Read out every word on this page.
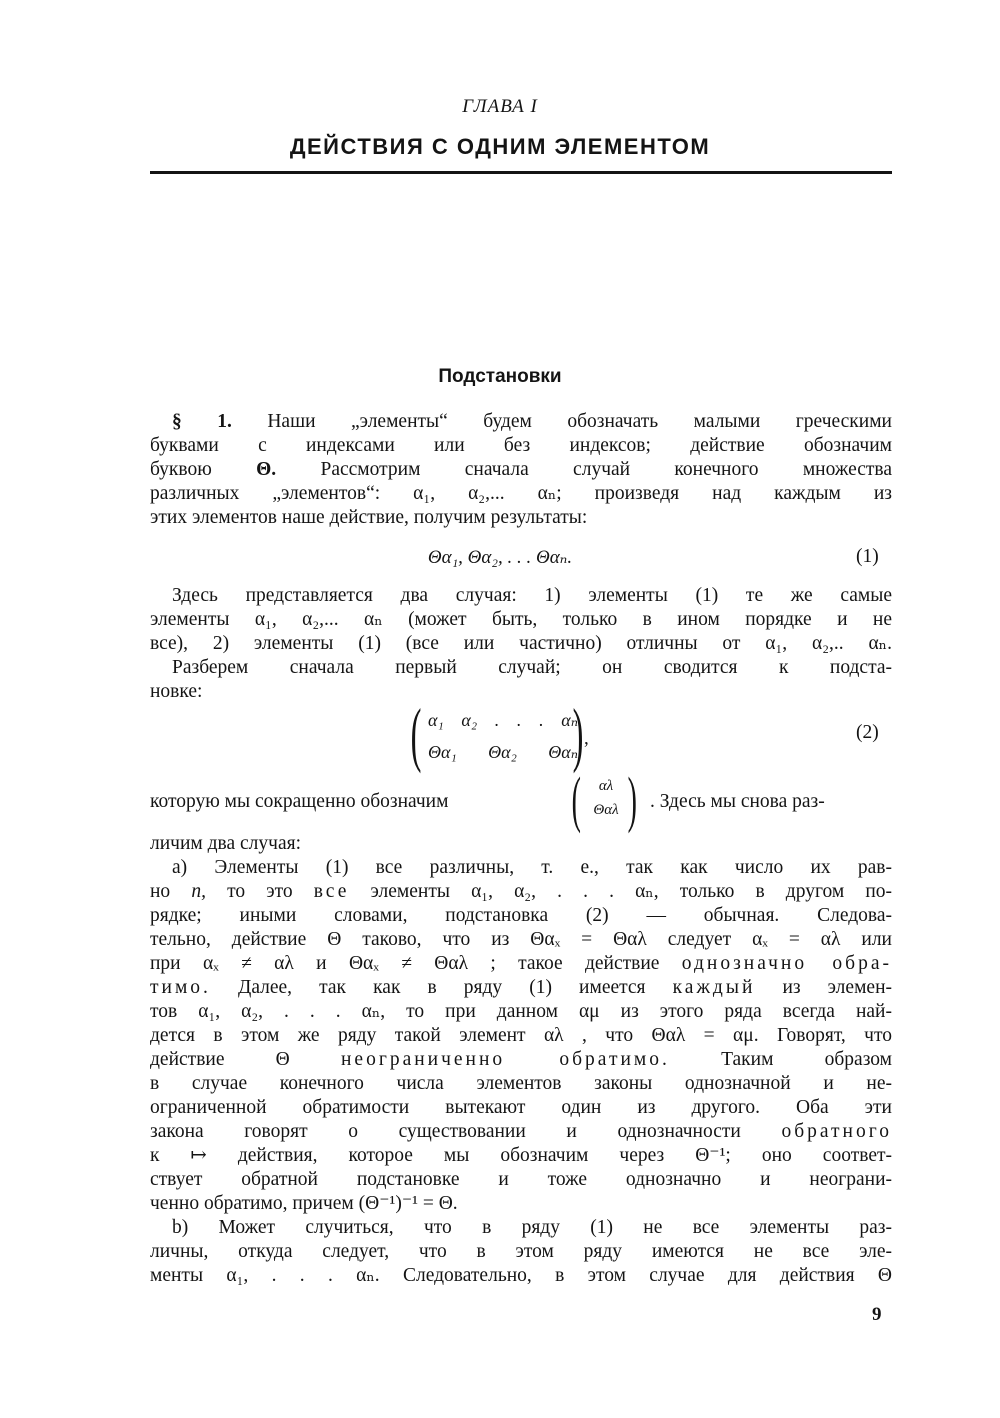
ГЛАВА I
ДЕЙСТВИЯ С ОДНИМ ЭЛЕМЕНТОМ
Подстановки
§ 1. Наши „элементы“ будем обозначать малыми греческими
буквами с индексами или без индексов; действие обозначим
буквою Θ. Рассмотрим сначала случай конечного множества
различных „элементов“: α₁, α₂,... αₙ; произведя над каждым из
этих элементов наше действие, получим результаты:
Θα₁, Θα₂, . . . Θαₙ.	(1)
Здесь представляется два случая: 1) элементы (1) те же самые
элементы α₁, α₂,... αₙ (может быть, только в ином порядке и не
все), 2) элементы (1) (все или частично) отличны от α₁, α₂,.. αₙ.
Разберем сначала первый случай; он сводится к подста-
новке:
( α₁ α₂ . . . αₙ
Θα₁ Θα₂ Θαₙ
) ,	(2)
которую мы сокращенно обозначим	(	αλ
Θαλ ) . Здесь мы снова раз-
личим два случая:
а) Элементы (1) все различны, т. е., так как число их рав-
но n, то это все элементы α₁, α₂, . . . αₙ, только в другом по-
рядке; иными словами, подстановка (2) — обычная. Следова-
тельно, действие Θ таково, что из Θαₓ = Θαλ следует αₓ = αλ или
при αₓ ≠ αλ и Θαₓ ≠ Θαλ ; такое действие однозначно обра-
тимо. Далее, так как в ряду (1) имеется каждый из элемен-
тов α₁, α₂, . . . αₙ, то при данном αμ из этого ряда всегда най-
дется в этом же ряду такой элемент αλ , что Θαλ = αμ. Говорят, что
действие Θ	неограниченно обратимо.	Таким образом
в случае конечного числа элементов законы однозначной и не-
ограниченной обратимости вытекают один из другого. Оба эти
закона говорят о существовании и однозначности обратного
к ↦ действия, которое мы обозначим через Θ⁻¹; оно соответ-
ствует обратной подстановке и тоже однозначно и неограни-
ченно обратимо, причем (Θ⁻¹)⁻¹ = Θ.
b) Может случиться, что в ряду (1) не все элементы раз-
личны, откуда следует, что в этом ряду имеются не все эле-
менты α₁, . . . αₙ. Следовательно, в этом случае для действия Θ
9
